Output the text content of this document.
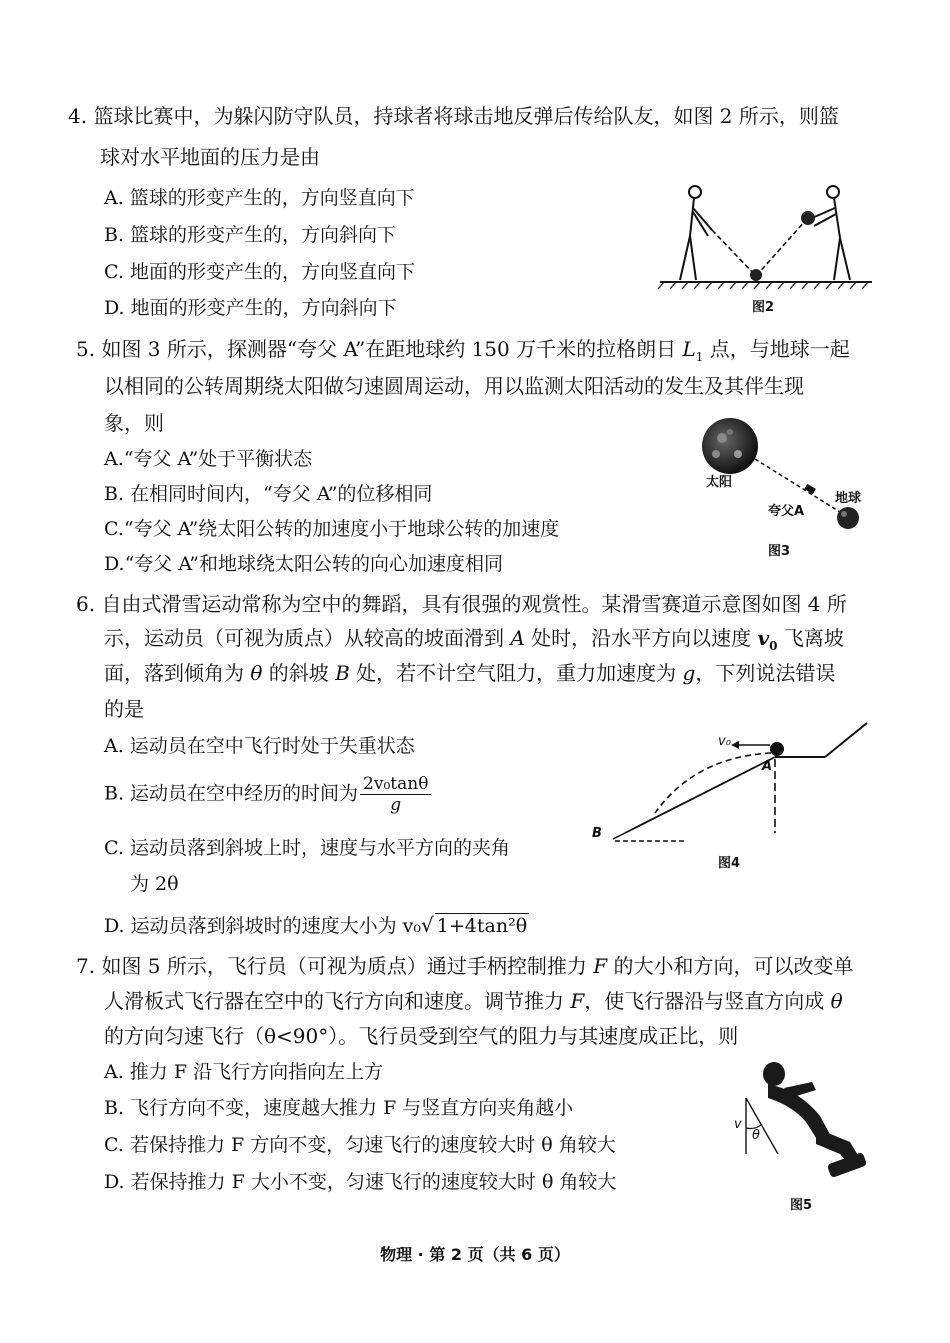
4. 篮球比赛中，为躲闪防守队员，持球者将球击地反弹后传给队友，如图 2 所示，则篮
球对水平地面的压力是由
A. 篮球的形变产生的，方向竖直向下
B. 篮球的形变产生的，方向斜向下
C. 地面的形变产生的，方向竖直向下
D. 地面的形变产生的，方向斜向下	图2
5. 如图 3 所示，探测器“夸父 A”在距地球约 150 万千米的拉格朗日 $L_1$ 点，与地球一起
以相同的公转周期绕太阳做匀速圆周运动，用以监测太阳活动的发生及其伴生现
象，则
A.“夸父 A”处于平衡状态
B. 在相同时间内，“夸父 A”的位移相同
C.“夸父 A”绕太阳公转的加速度小于地球公转的加速度
D.“夸父 A”和地球绕太阳公转的向心加速度相同
太阳
地球
夸父A
图3
6. 自由式滑雪运动常称为空中的舞蹈，具有很强的观赏性。某滑雪赛道示意图如图 4 所
示，运动员（可视为质点）从较高的坡面滑到 A 处时，沿水平方向以速度 $v_0$ 飞离坡
面，落到倾角为 θ 的斜坡 B 处，若不计空气阻力，重力加速度为 g，下列说法错误
的是
A. 运动员在空中飞行时处于失重状态
B. 运动员在空中经历的时间为 $\frac{\text{2v₀tanθ}}{g}$
C. 运动员落到斜坡上时，速度与水平方向的夹角
为 2θ
D. 运动员落到斜坡时的速度大小为 v₀√ 1+4tan²θ
v₀
A
B
图4
7. 如图 5 所示，飞行员（可视为质点）通过手柄控制推力 F 的大小和方向，可以改变单
人滑板式飞行器在空中的飞行方向和速度。调节推力 F，使飞行器沿与竖直方向成 θ
的方向匀速飞行（θ<90°）。飞行员受到空气的阻力与其速度成正比，则
A. 推力 F 沿飞行方向指向左上方
B. 飞行方向不变，速度越大推力 F 与竖直方向夹角越小
C. 若保持推力 F 方向不变，匀速飞行的速度较大时 θ 角较大
D. 若保持推力 F 大小不变，匀速飞行的速度较大时 θ 角较大
v
θ
图5
物理 · 第 2 页（共 6 页）
